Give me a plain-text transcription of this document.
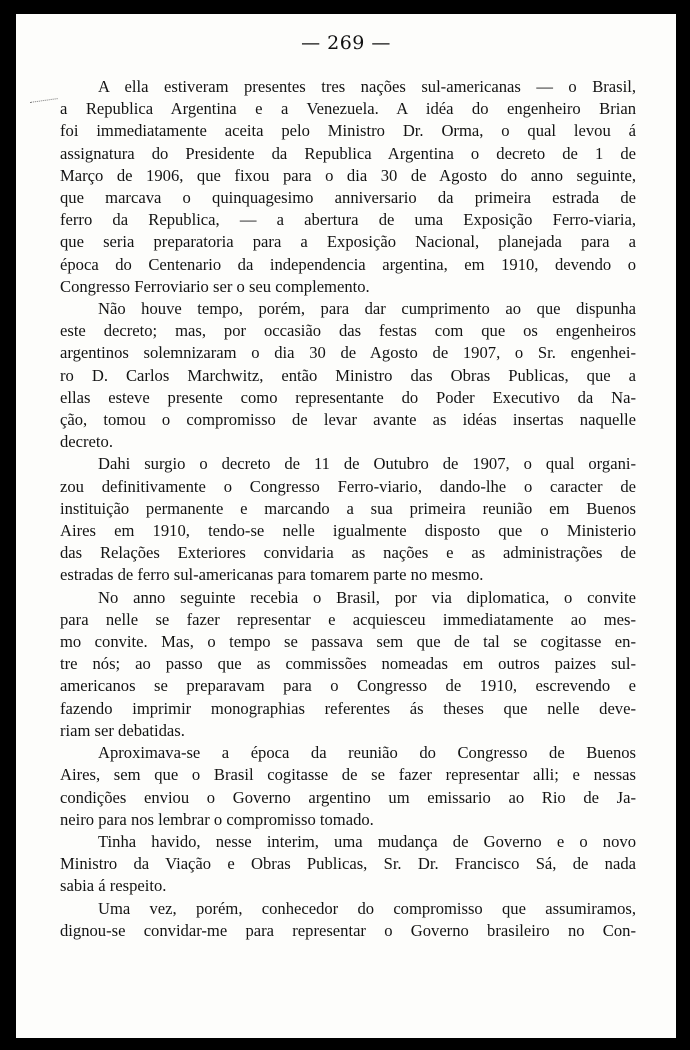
— 269 —

A ella estiveram presentes tres nações sul-americanas — o Brasil,
a Republica Argentina e a Venezuela. A idéa do engenheiro Brian
foi immediatamente aceita pelo Ministro Dr. Orma, o qual levou á
assignatura do Presidente da Republica Argentina o decreto de 1 de
Março de 1906, que fixou para o dia 30 de Agosto do anno seguinte,
que marcava o quinquagesimo anniversario da primeira estrada de
ferro da Republica, — a abertura de uma Exposição Ferro-viaria,
que seria preparatoria para a Exposição Nacional, planejada para a
época do Centenario da independencia argentina, em 1910, devendo o
Congresso Ferroviario ser o seu complemento.

Não houve tempo, porém, para dar cumprimento ao que dispunha
este decreto; mas, por occasião das festas com que os engenheiros
argentinos solemnizaram o dia 30 de Agosto de 1907, o Sr. engenhei-
ro D. Carlos Marchwitz, então Ministro das Obras Publicas, que a
ellas esteve presente como representante do Poder Executivo da Na-
ção, tomou o compromisso de levar avante as idéas insertas naquelle
decreto.

Dahi surgio o decreto de 11 de Outubro de 1907, o qual organi-
zou definitivamente o Congresso Ferro-viario, dando-lhe o caracter de
instituição permanente e marcando a sua primeira reunião em Buenos
Aires em 1910, tendo-se nelle igualmente disposto que o Ministerio
das Relações Exteriores convidaria as nações e as administrações de
estradas de ferro sul-americanas para tomarem parte no mesmo.

No anno seguinte recebia o Brasil, por via diplomatica, o convite
para nelle se fazer representar e acquiesceu immediatamente ao mes-
mo convite. Mas, o tempo se passava sem que de tal se cogitasse en-
tre nós; ao passo que as commissões nomeadas em outros paizes sul-
americanos se preparavam para o Congresso de 1910, escrevendo e
fazendo imprimir monographias referentes ás theses que nelle deve-
riam ser debatidas.

Aproximava-se a época da reunião do Congresso de Buenos
Aires, sem que o Brasil cogitasse de se fazer representar alli; e nessas
condições enviou o Governo argentino um emissario ao Rio de Ja-
neiro para nos lembrar o compromisso tomado.

Tinha havido, nesse interim, uma mudança de Governo e o novo
Ministro da Viação e Obras Publicas, Sr. Dr. Francisco Sá, de nada
sabia á respeito.

Uma vez, porém, conhecedor do compromisso que assumiramos,
dignou-se convidar-me para representar o Governo brasileiro no Con-
